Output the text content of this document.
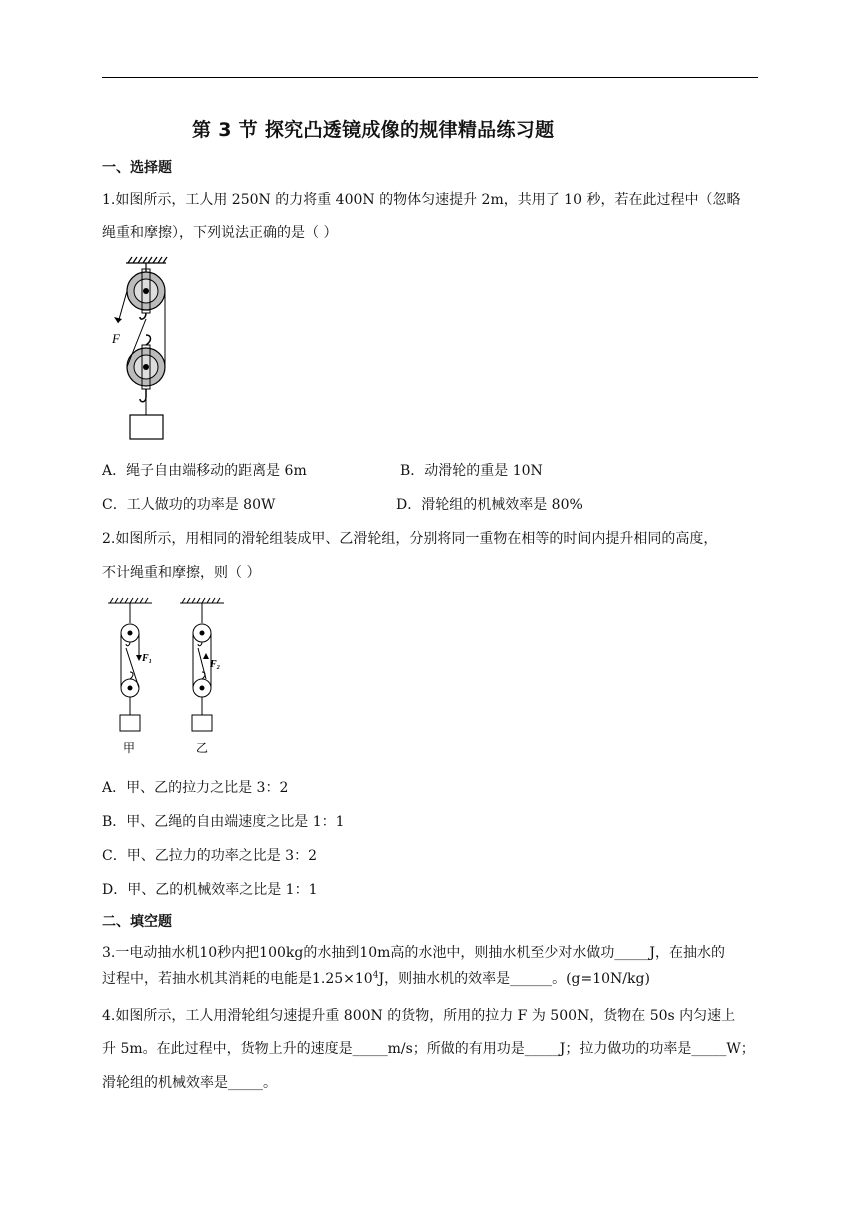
第 3 节 探究凸透镜成像的规律精品练习题
一、选择题
1.如图所示，工人用 250N 的力将重 400N 的物体匀速提升 2m，共用了 10 秒，若在此过程中（忽略
绳重和摩擦），下列说法正确的是（ ）
F
A．绳子自由端移动的距离是 6m	B．动滑轮的重是 10N
C．工人做功的功率是 80W	D．滑轮组的机械效率是 80%
2.如图所示，用相同的滑轮组装成甲、乙滑轮组，分别将同一重物在相等的时间内提升相同的高度，
不计绳重和摩擦，则（ ）
F₁
甲
F₂
乙
A．甲、乙的拉力之比是 3：2
B．甲、乙绳的自由端速度之比是 1：1
C．甲、乙拉力的功率之比是 3：2
D．甲、乙的机械效率之比是 1：1
二、填空题
3.一电动抽水机10秒内把100kg的水抽到10m高的水池中，则抽水机至少对水做功_____J，在抽水的
过程中，若抽水机其消耗的电能是$1.25\times 10^4J$，则抽水机的效率是______。(g=10N/kg)
4.如图所示，工人用滑轮组匀速提升重 800N 的货物，所用的拉力 F 为 500N，货物在 50s 内匀速上
升 5m。在此过程中，货物上升的速度是_____m/s；所做的有用功是_____J；拉力做功的功率是_____W；
滑轮组的机械效率是_____。
